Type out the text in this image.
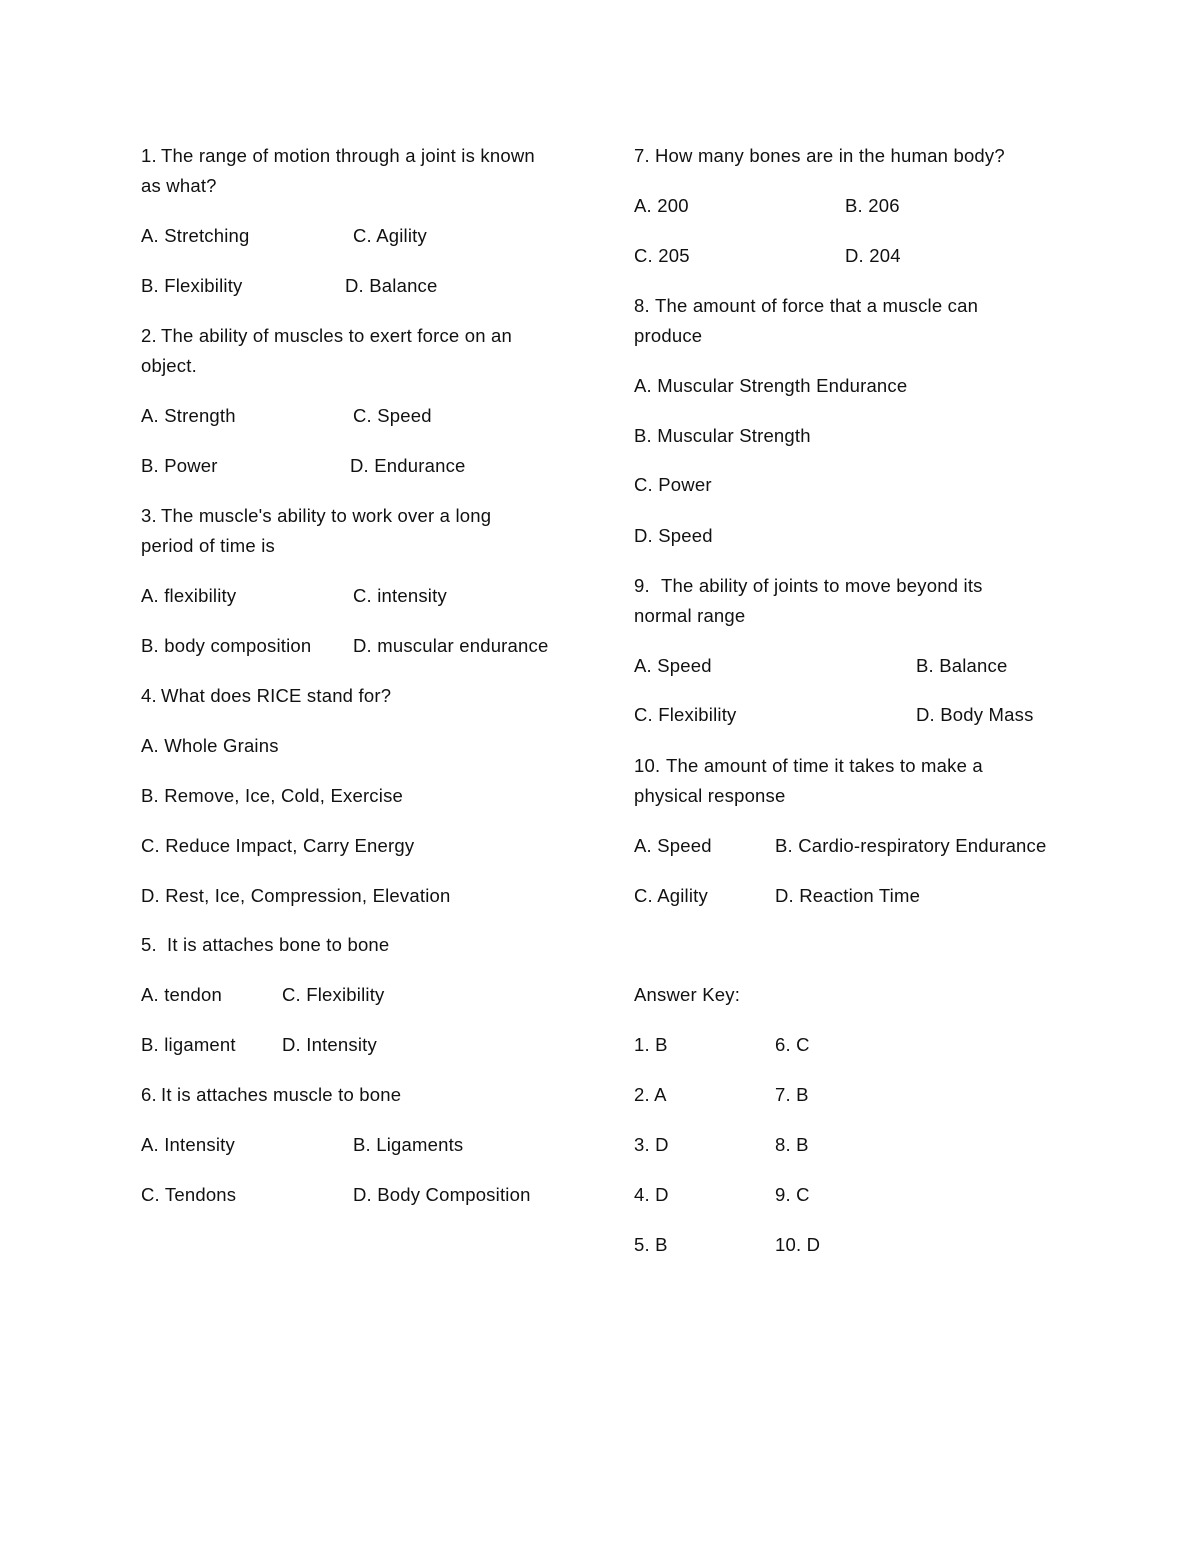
1. The range of motion through a joint is known
as what?
A. Stretching	C. Agility
B. Flexibility	D. Balance
2. The ability of muscles to exert force on an
object.
A. Strength	C. Speed
B. Power	D. Endurance
3. The muscle's ability to work over a long
period of time is
A. flexibility	C. intensity
B. body composition D. muscular endurance
4. What does RICE stand for?
A. Whole Grains
B. Remove, Ice, Cold, Exercise
C. Reduce Impact, Carry Energy
D. Rest, Ice, Compression, Elevation
5. It is attaches bone to bone
A. tendon	C. Flexibility
B. ligament	D. Intensity
6. It is attaches muscle to bone
A. Intensity	B. Ligaments
C. Tendons	D. Body Composition
7. How many bones are in the human body?
A. 200	B. 206
C. 205	D. 204
8. The amount of force that a muscle can
produce
A. Muscular Strength Endurance
B. Muscular Strength
C. Power
D. Speed
9. The ability of joints to move beyond its
normal range
A. Speed	B. Balance
C. Flexibility	D. Body Mass
10. The amount of time it takes to make a
physical response
A. Speed	B. Cardio-respiratory Endurance
C. Agility	D. Reaction Time
Answer Key:
1. B	6. C
2. A	7. B
3. D	8. B
4. D	9. C
5. B	10. D
